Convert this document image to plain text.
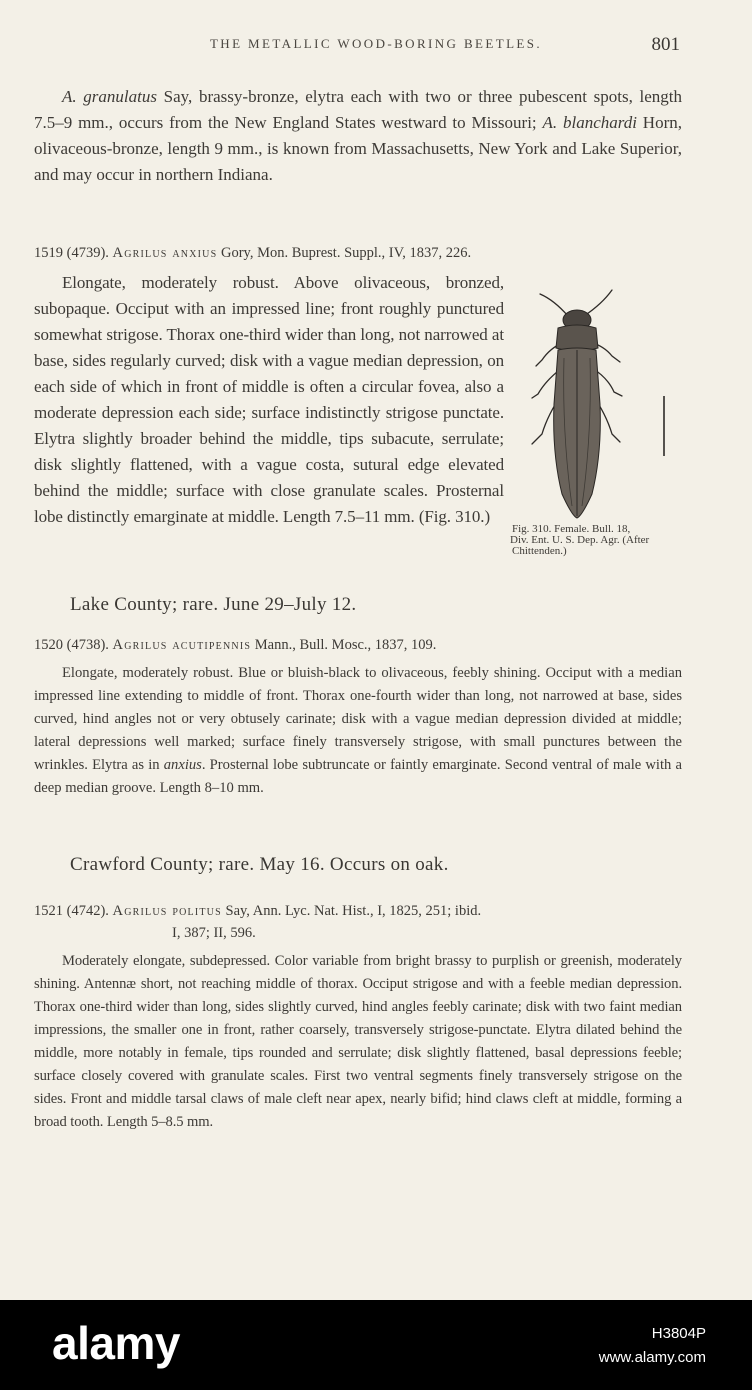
THE METALLIC WOOD-BORING BEETLES.	801
A. granulatus Say, brassy-bronze, elytra each with two or three pubescent spots, length 7.5–9 mm., occurs from the New England States westward to Missouri; A. blanchardi Horn, olivaceous-bronze, length 9 mm., is known from Massachusetts, New York and Lake Superior, and may occur in northern Indiana.
1519 (4739). Agrilus anxius Gory, Mon. Buprest. Suppl., IV, 1837, 226.
Elongate, moderately robust. Above olivaceous, bronzed, subopaque. Occiput with an impressed line; front roughly punctured somewhat strigose. Thorax one-third wider than long, not narrowed at base, sides regularly curved; disk with a vague median depression, on each side of which in front of middle is often a circular fovea, also a moderate depression each side; surface indistinctly strigose punctate. Elytra slightly broader behind the middle, tips subacute, serrulate; disk slightly flattened, with a vague costa, sutural edge elevated behind the middle; surface with close granulate scales. Prosternal lobe distinctly emarginate at middle. Length 7.5–11 mm. (Fig. 310.)
Fig. 310. Female. Bull. 18,
Div. Ent. U. S. Dep. Agr. (After
Chittenden.)
Lake County; rare. June 29–July 12.
1520 (4738). Agrilus acutipennis Mann., Bull. Mosc., 1837, 109.
Elongate, moderately robust. Blue or bluish-black to olivaceous, feebly shining. Occiput with a median impressed line extending to middle of front. Thorax one-fourth wider than long, not narrowed at base, sides curved, hind angles not or very obtusely carinate; disk with a vague median depression divided at middle; lateral depressions well marked; surface finely transversely strigose, with small punctures between the wrinkles. Elytra as in anxius. Prosternal lobe subtruncate or faintly emarginate. Second ventral of male with a deep median groove. Length 8–10 mm.
Crawford County; rare. May 16. Occurs on oak.
1521 (4742). Agrilus politus Say, Ann. Lyc. Nat. Hist., I, 1825, 251; ibid.
I, 387; II, 596.
Moderately elongate, subdepressed. Color variable from bright brassy to purplish or greenish, moderately shining. Antennæ short, not reaching middle of thorax. Occiput strigose and with a feeble median depression. Thorax one-third wider than long, sides slightly curved, hind angles feebly carinate; disk with two faint median impressions, the smaller one in front, rather coarsely, transversely strigose-punctate. Elytra dilated behind the middle, more notably in female, tips rounded and serrulate; disk slightly flattened, basal depressions feeble; surface closely covered with granulate scales. First two ventral segments finely transversely strigose on the sides. Front and middle tarsal claws of male cleft near apex, nearly bifid; hind claws cleft at middle, forming a broad tooth. Length 5–8.5 mm.
alamy	H3804P
www.alamy.com
